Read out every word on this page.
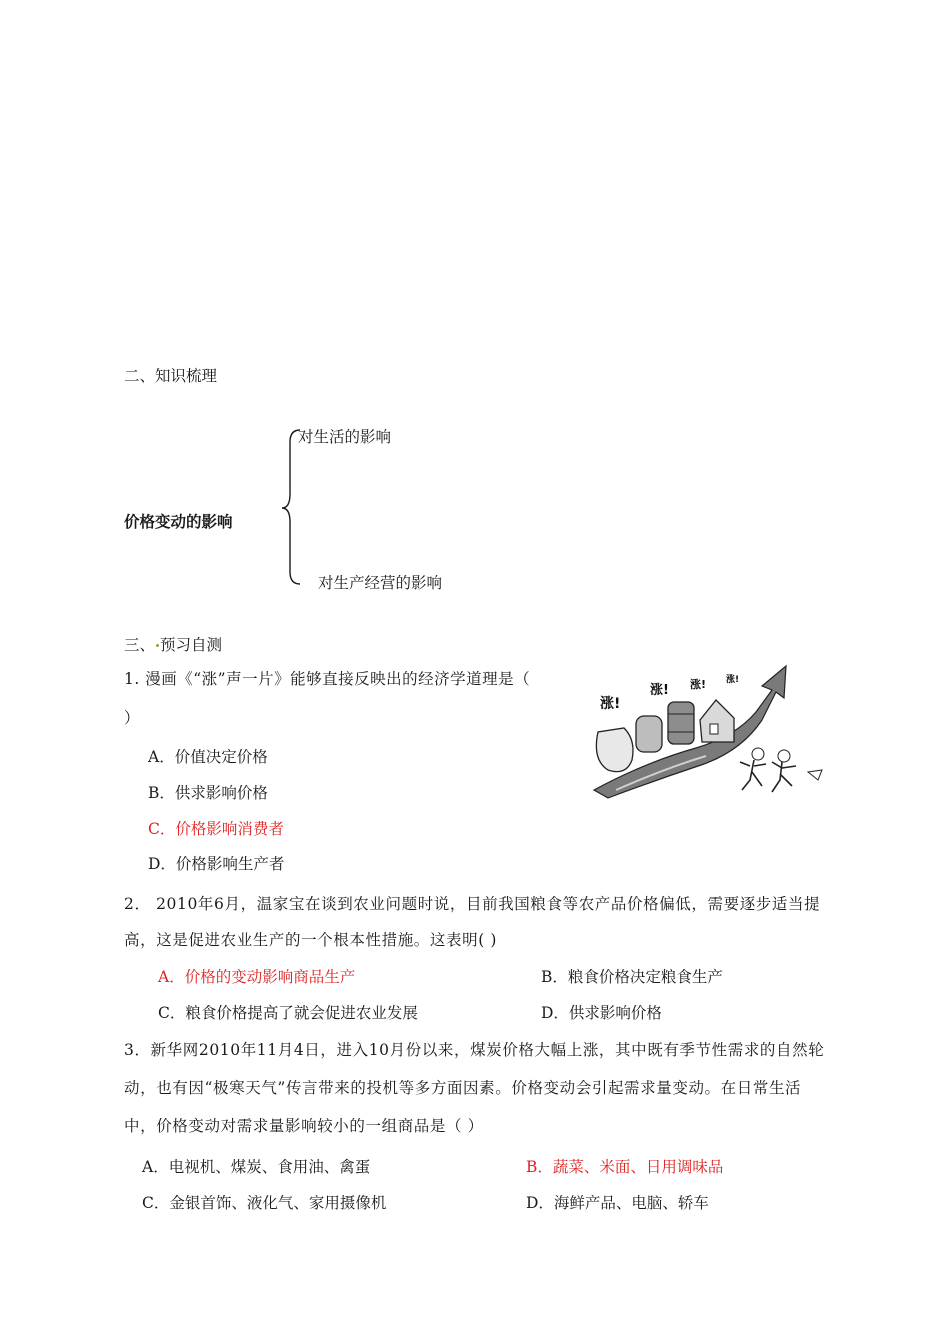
二、知识梳理
价格变动的影响
对生活的影响
对生产经营的影响
三、 预习自测
1. 漫画《“涨”声一片》能够直接反映出的经济学道理是（
）
A．价值决定价格
B．供求影响价格
C．价格影响消费者
D．价格影响生产者
涨!
涨! 涨! 涨!
2． 2010年6月，温家宝在谈到农业问题时说，目前我国粮食等农产品价格偏低，需要逐步适当提高，这是促进农业生产的一个根本性措施。这表明( )
A．价格的变动影响商品生产	B．粮食价格决定粮食生产
C．粮食价格提高了就会促进农业发展	D．供求影响价格
3．新华网2010年11月4日，进入10月份以来，煤炭价格大幅上涨，其中既有季节性需求的自然轮动，也有因“极寒天气”传言带来的投机等多方面因素。价格变动会引起需求量变动。在日常生活中，价格变动对需求量影响较小的一组商品是（ ）
A．电视机、煤炭、食用油、禽蛋	B．蔬菜、米面、日用调味品
C．金银首饰、液化气、家用摄像机	D．海鲜产品、电脑、轿车
